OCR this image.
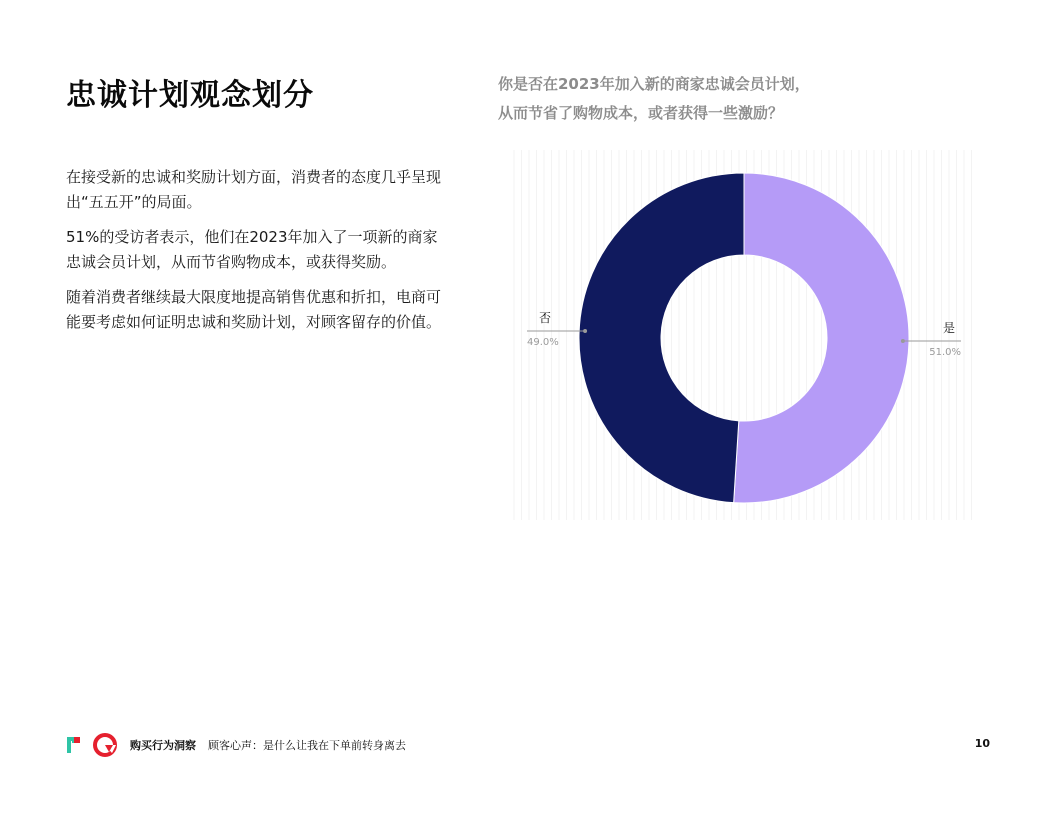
忠诚计划观念划分

在接受新的忠诚和奖励计划方面，消费者的态度几乎呈现出“五五开”的局面。

51%的受访者表示，他们在2023年加入了一项新的商家忠诚会员计划，从而节省购物成本，或获得奖励。

随着消费者继续最大限度地提高销售优惠和折扣，电商可能要考虑如何证明忠诚和奖励计划，对顾客留存的价值。

你是否在2023年加入新的商家忠诚会员计划，
从而节省了购物成本，或者获得一些激励？
是
51.0%
否
49.0%
购买行为洞察 顾客心声：是什么让我在下单前转身离去	10
